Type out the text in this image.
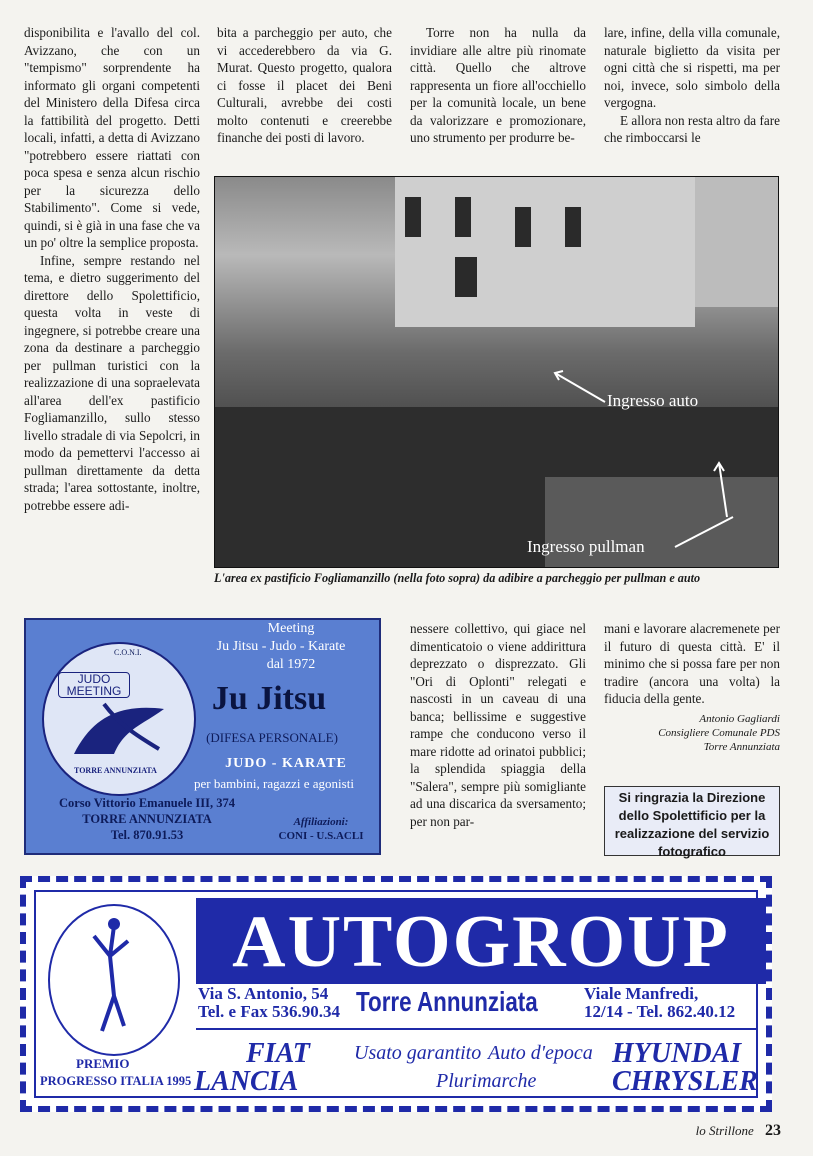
disponibilita e l'avallo del col. Avizzano, che con un "tempismo" sorprendente ha informato gli organi competenti del Ministero della Difesa circa la fattibilità del progetto. Detti locali, infatti, a detta di Avizzano "potrebbero essere riattati con poca spesa e senza alcun rischio per la sicurezza dello Stabilimento". Come si vede, quindi, si è già in una fase che va un po' oltre la semplice proposta.

Infine, sempre restando nel tema, e dietro suggerimento del direttore dello Spolettificio, questa volta in veste di ingegnere, si potrebbe creare una zona da destinare a parcheggio per pullman turistici con la realizzazione di una sopraelevata all'area dell'ex pastificio Fogliamanzillo, sullo stesso livello stradale di via Sepolcri, in modo da pemettervi l'accesso ai pullman direttamente da detta strada; l'area sottostante, inoltre, potrebbe essere adi-

bita a parcheggio per auto, che vi accederebbero da via G. Murat. Questo progetto, qualora ci fosse il placet dei Beni Culturali, avrebbe dei costi molto contenuti e creerebbe finanche dei posti di lavoro.

Torre non ha nulla da invidiare alle altre più rinomate città. Quello che altrove rappresenta un fiore all'occhiello per la comunità locale, un bene da valorizzare e promozionare, uno strumento per produrre be-

lare, infine, della villa comunale, naturale biglietto da visita per ogni città che si rispetti, ma per noi, invece, solo simbolo della vergogna.

E allora non resta altro da fare che rimboccarsi le

Ingresso auto
Ingresso pullman
L'area ex pastificio Fogliamanzillo (nella foto sopra) da adibire a parcheggio per pullman e auto
C.O.N.I.
JUDO MEETING
TORRE ANNUNZIATA
Meeting
Ju Jitsu - Judo - Karate
dal 1972
Ju Jitsu
(DIFESA PERSONALE)
JUDO - KARATE
per bambini, ragazzi e agonisti
Corso Vittorio Emanuele III, 374
TORRE ANNUNZIATA
Tel. 870.91.53
Affiliazioni:
CONI - U.S.ACLI

nessere collettivo, qui giace nel dimenticatoio o viene addirittura deprezzato o disprezzato. Gli "Ori di Oplonti" relegati e nascosti in un caveau di una banca; bellissime e suggestive rampe che conducono verso il mare ridotte ad orinatoi pubblici; la splendida spiaggia della "Salera", sempre più somigliante ad una discarica da sversamento; per non par-

mani e lavorare alacremenete per il futuro di questa città. E' il minimo che si possa fare per non tradire (ancora una volta) la fiducia della gente.

Antonio Gagliardi
Consigliere Comunale PDS
Torre Annunziata
Si ringrazia la Direzione dello Spolettificio per la realizzazione del servizio fotografico
PREMIO
PROGRESSO ITALIA 1995
AUTOGROUP
Via S. Antonio, 54
Tel. e Fax 536.90.34 Torre Annunziata	Viale Manfredi,
12/14 - Tel. 862.40.12
FIAT
LANCIA
Usato garantito Auto d'epoca
Plurimarche
HYUNDAI
CHRYSLER
lo Strillone 23
